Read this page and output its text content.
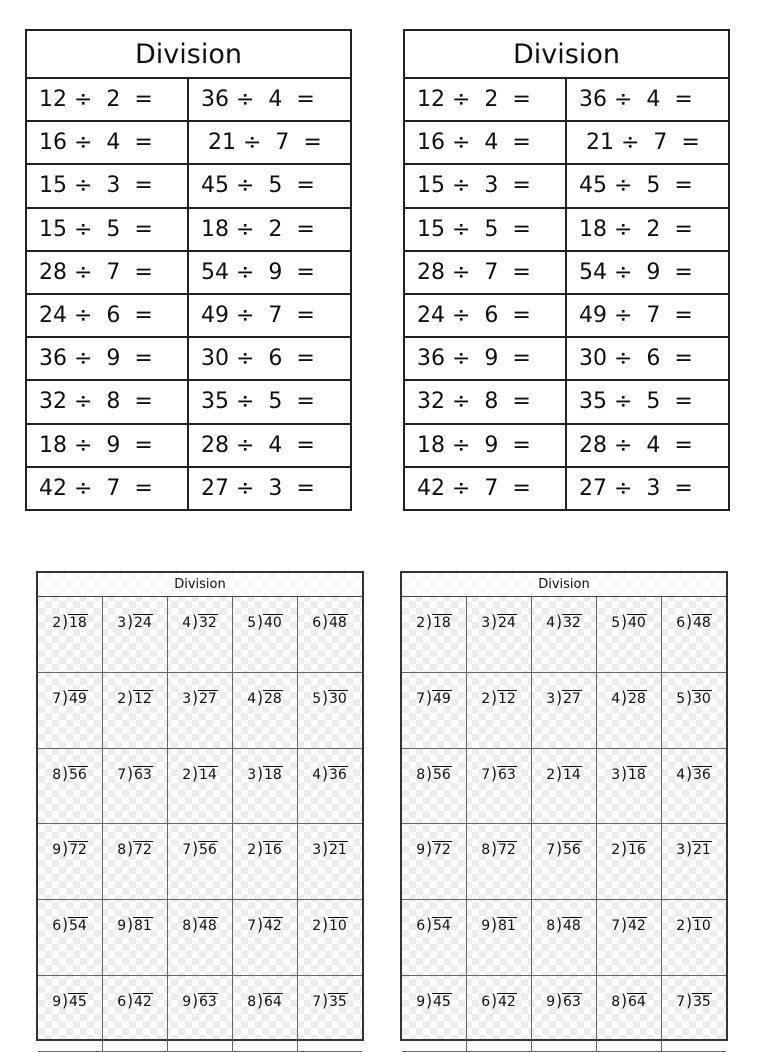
Division
12 ÷  2  =	36 ÷  4  =
16 ÷  4  =	21 ÷  7  =
15 ÷  3  =	45 ÷  5  =
15 ÷  5  =	18 ÷  2  =
28 ÷  7  =	54 ÷  9  =
24 ÷  6  =	49 ÷  7  =
36 ÷  9  =	30 ÷  6  =
32 ÷  8  =	35 ÷  5  =
18 ÷  9  =	28 ÷  4  =
42 ÷  7  =	27 ÷  3  =
Division
12 ÷  2  =	36 ÷  4  =
16 ÷  4  =	21 ÷  7  =
15 ÷  3  =	45 ÷  5  =
15 ÷  5  =	18 ÷  2  =
28 ÷  7  =	54 ÷  9  =
24 ÷  6  =	49 ÷  7  =
36 ÷  9  =	30 ÷  6  =
32 ÷  8  =	35 ÷  5  =
18 ÷  9  =	28 ÷  4  =
42 ÷  7  =	27 ÷  3  =
Division
2)18	3)24	4)32	5)40	6)48
7)49	2)12	3)27	4)28	5)30
8)56	7)63	2)14	3)18	4)36
9)72	8)72	7)56	2)16	3)21
6)54	9)81	8)48	7)42	2)10
9)45	6)42	9)63	8)64	7)35
Division
2)18	3)24	4)32	5)40	6)48
7)49	2)12	3)27	4)28	5)30
8)56	7)63	2)14	3)18	4)36
9)72	8)72	7)56	2)16	3)21
6)54	9)81	8)48	7)42	2)10
9)45	6)42	9)63	8)64	7)35
